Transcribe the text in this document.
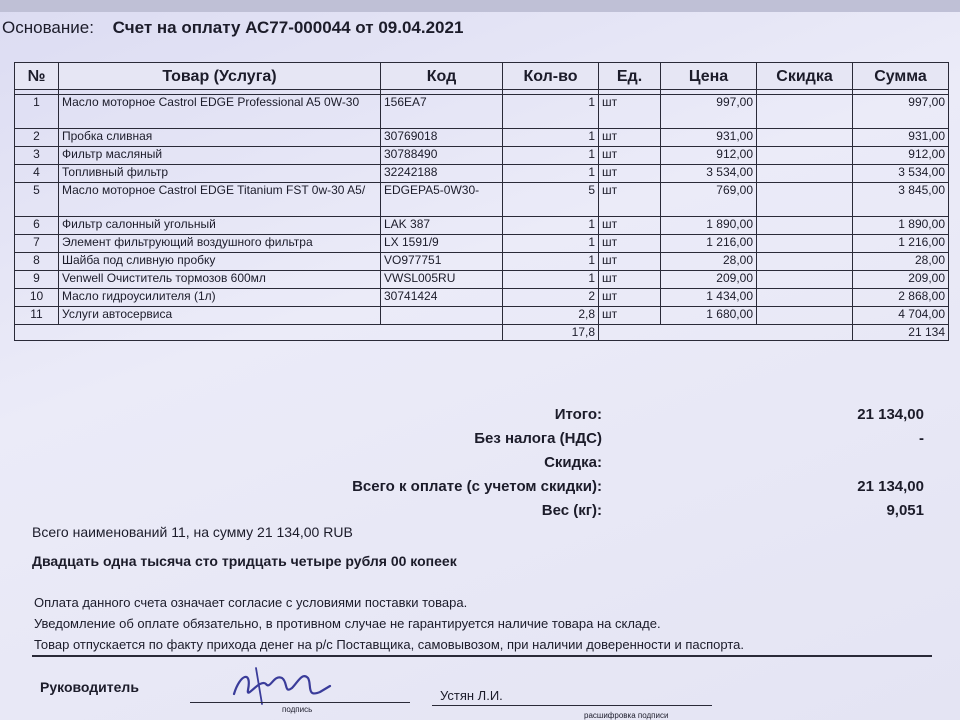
Основание: Счет на оплату АС77-000044 от 09.04.2021
№	Товар (Услуга)	Код	Кол-во	Ед.	Цена	Скидка	Сумма

1	Масло моторное Castrol EDGE Professional A5 0W-30	156EA7	1	шт	997,00		997,00
2	Пробка сливная	30769018	1	шт	931,00		931,00
3	Фильтр масляный	30788490	1	шт	912,00		912,00
4	Топливный фильтр	32242188	1	шт	3 534,00		3 534,00
5	Масло моторное Castrol EDGE Titanium FST 0w-30 A5/	EDGEPA5-0W30-	5	шт	769,00		3 845,00
6	Фильтр салонный угольный	LAK 387	1	шт	1 890,00		1 890,00
7	Элемент фильтрующий воздушного фильтра	LX 1591/9	1	шт	1 216,00		1 216,00
8	Шайба под сливную пробку	VO977751	1	шт	28,00		28,00
9	Venwell Очиститель тормозов 600мл	VWSL005RU	1	шт	209,00		209,00
10	Масло гидроусилителя (1л)	30741424	2	шт	1 434,00		2 868,00
11	Услуги автосервиса		2,8	шт	1 680,00		4 704,00
			17,8				21 134
Итого:	21 134,00
Без налога (НДС)	-
Скидка:
Всего к оплате (с учетом скидки):	21 134,00
Вес (кг):	9,051
Всего наименований 11, на сумму 21 134,00 RUB
Двадцать одна тысяча сто тридцать четыре рубля 00 копеек
Оплата данного счета означает согласие с условиями поставки товара.
Уведомление об оплате обязательно, в противном случае не гарантируется наличие товара на складе.
Товар отпускается по факту прихода денег на р/с Поставщика, самовывозом, при наличии доверенности и паспорта.
Руководитель
подпись
Устян Л.И.
расшифровка подписи
